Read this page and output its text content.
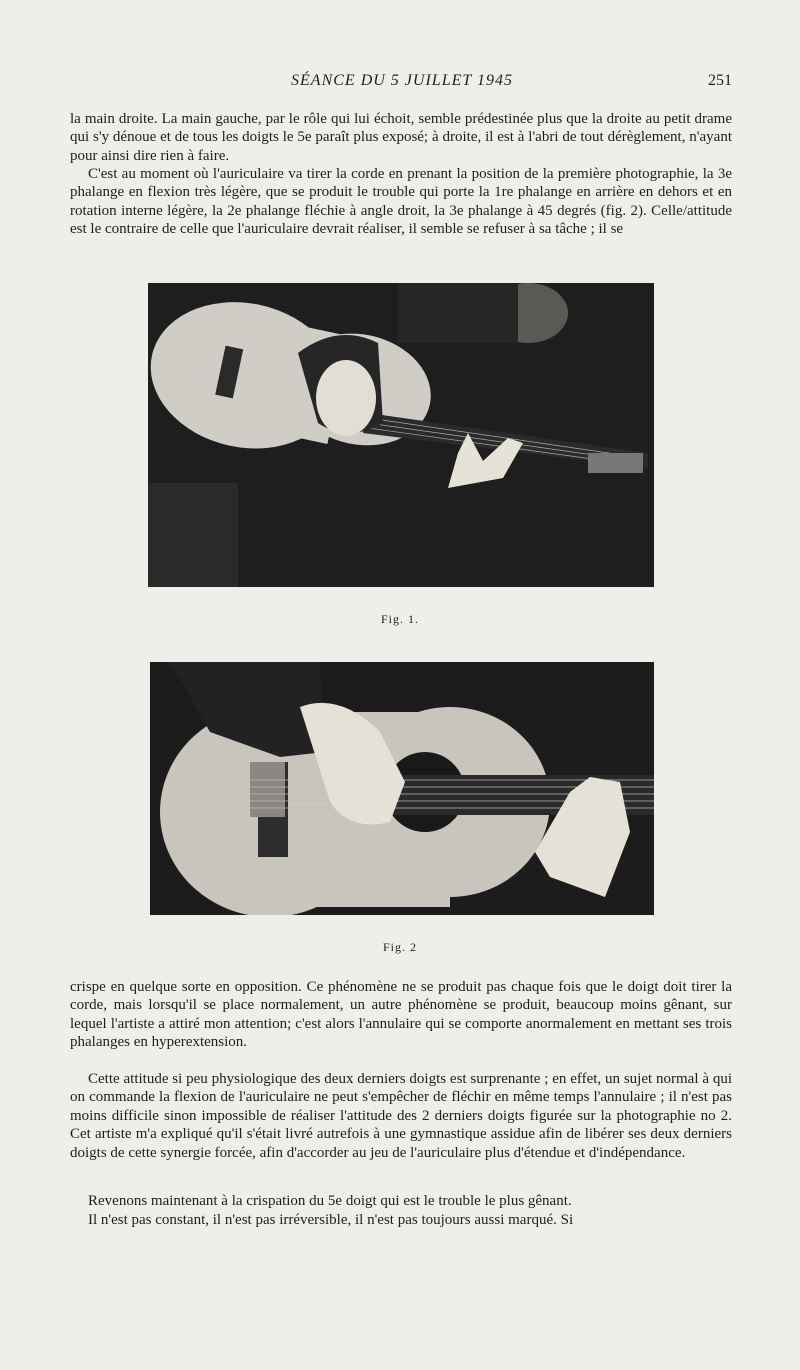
SÉANCE DU 5 JUILLET 1945	251

la main droite. La main gauche, par le rôle qui lui échoit, semble prédestinée plus que la droite au petit drame qui s'y dénoue et de tous les doigts le 5e paraît plus exposé; à droite, il est à l'abri de tout dérèglement, n'ayant pour ainsi dire rien à faire.

C'est au moment où l'auriculaire va tirer la corde en prenant la position de la première photographie, la 3e phalange en flexion très légère, que se produit le trouble qui porte la 1re phalange en arrière en dehors et en rotation interne légère, la 2e phalange fléchie à angle droit, la 3e phalange à 45 degrés (fig. 2). Celle/attitude est le contraire de celle que l'auriculaire devrait réaliser, il semble se refuser à sa tâche ; il se

Fig. 1.
Fig. 2

crispe en quelque sorte en opposition. Ce phénomène ne se produit pas chaque fois que le doigt doit tirer la corde, mais lorsqu'il se place normalement, un autre phénomène se produit, beaucoup moins gênant, sur lequel l'artiste a attiré mon attention; c'est alors l'annulaire qui se comporte anormalement en mettant ses trois phalanges en hyperextension.

Cette attitude si peu physiologique des deux derniers doigts est surprenante ; en effet, un sujet normal à qui on commande la flexion de l'auriculaire ne peut s'empêcher de fléchir en même temps l'annulaire ; il n'est pas moins difficile sinon impossible de réaliser l'attitude des 2 derniers doigts figurée sur la photographie no 2. Cet artiste m'a expliqué qu'il s'était livré autrefois à une gymnastique assidue afin de libérer ses deux derniers doigts de cette synergie forcée, afin d'accorder au jeu de l'auriculaire plus d'étendue et d'indépendance.

Revenons maintenant à la crispation du 5e doigt qui est le trouble le plus gênant.

Il n'est pas constant, il n'est pas irréversible, il n'est pas toujours aussi marqué. Si
